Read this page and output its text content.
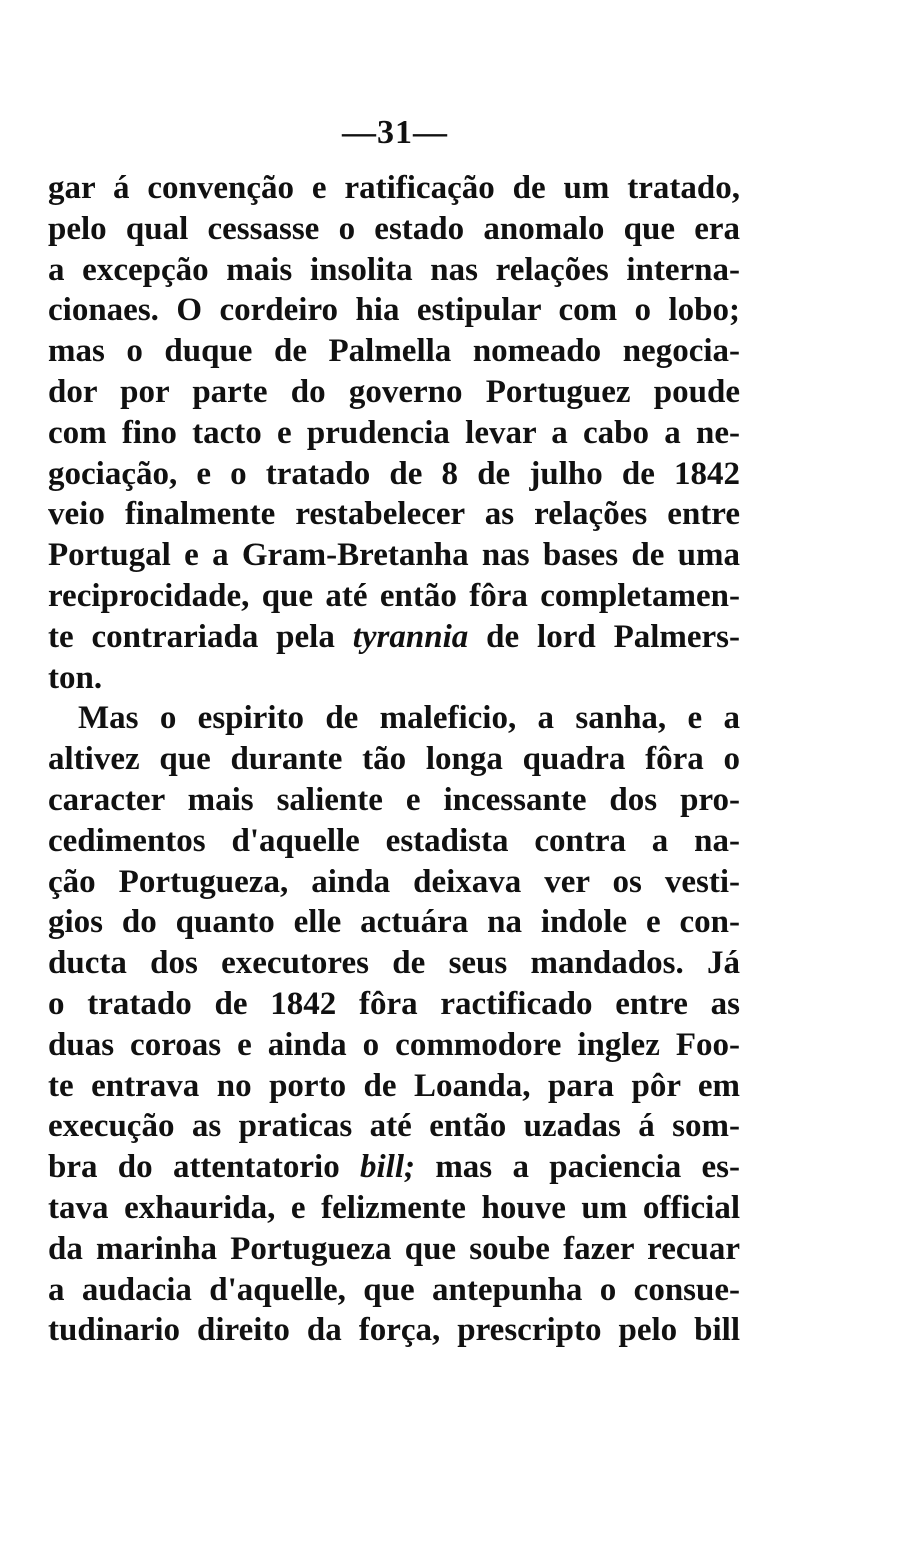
—31—
gar á convenção e ratificação de um tratado,
pelo qual cessasse o estado anomalo que era
a excepção mais insolita nas relações interna-
cionaes. O cordeiro hia estipular com o lobo;
mas o duque de Palmella nomeado negocia-
dor por parte do governo Portuguez poude
com fino tacto e prudencia levar a cabo a ne-
gociação, e o tratado de 8 de julho de 1842
veio finalmente restabelecer as relações entre
Portugal e a Gram-Bretanha nas bases de uma
reciprocidade, que até então fôra completamen-
te contrariada pela tyrannia de lord Palmers-
ton.
Mas o espirito de maleficio, a sanha, e a
altivez que durante tão longa quadra fôra o
caracter mais saliente e incessante dos pro-
cedimentos d'aquelle estadista contra a na-
ção Portugueza, ainda deixava ver os vesti-
gios do quanto elle actuára na indole e con-
ducta dos executores de seus mandados. Já
o tratado de 1842 fôra ractificado entre as
duas coroas e ainda o commodore inglez Foo-
te entrava no porto de Loanda, para pôr em
execução as praticas até então uzadas á som-
bra do attentatorio bill; mas a paciencia es-
tava exhaurida, e felizmente houve um official
da marinha Portugueza que soube fazer recuar
a audacia d'aquelle, que antepunha o consue-
tudinario direito da força, prescripto pelo bill
